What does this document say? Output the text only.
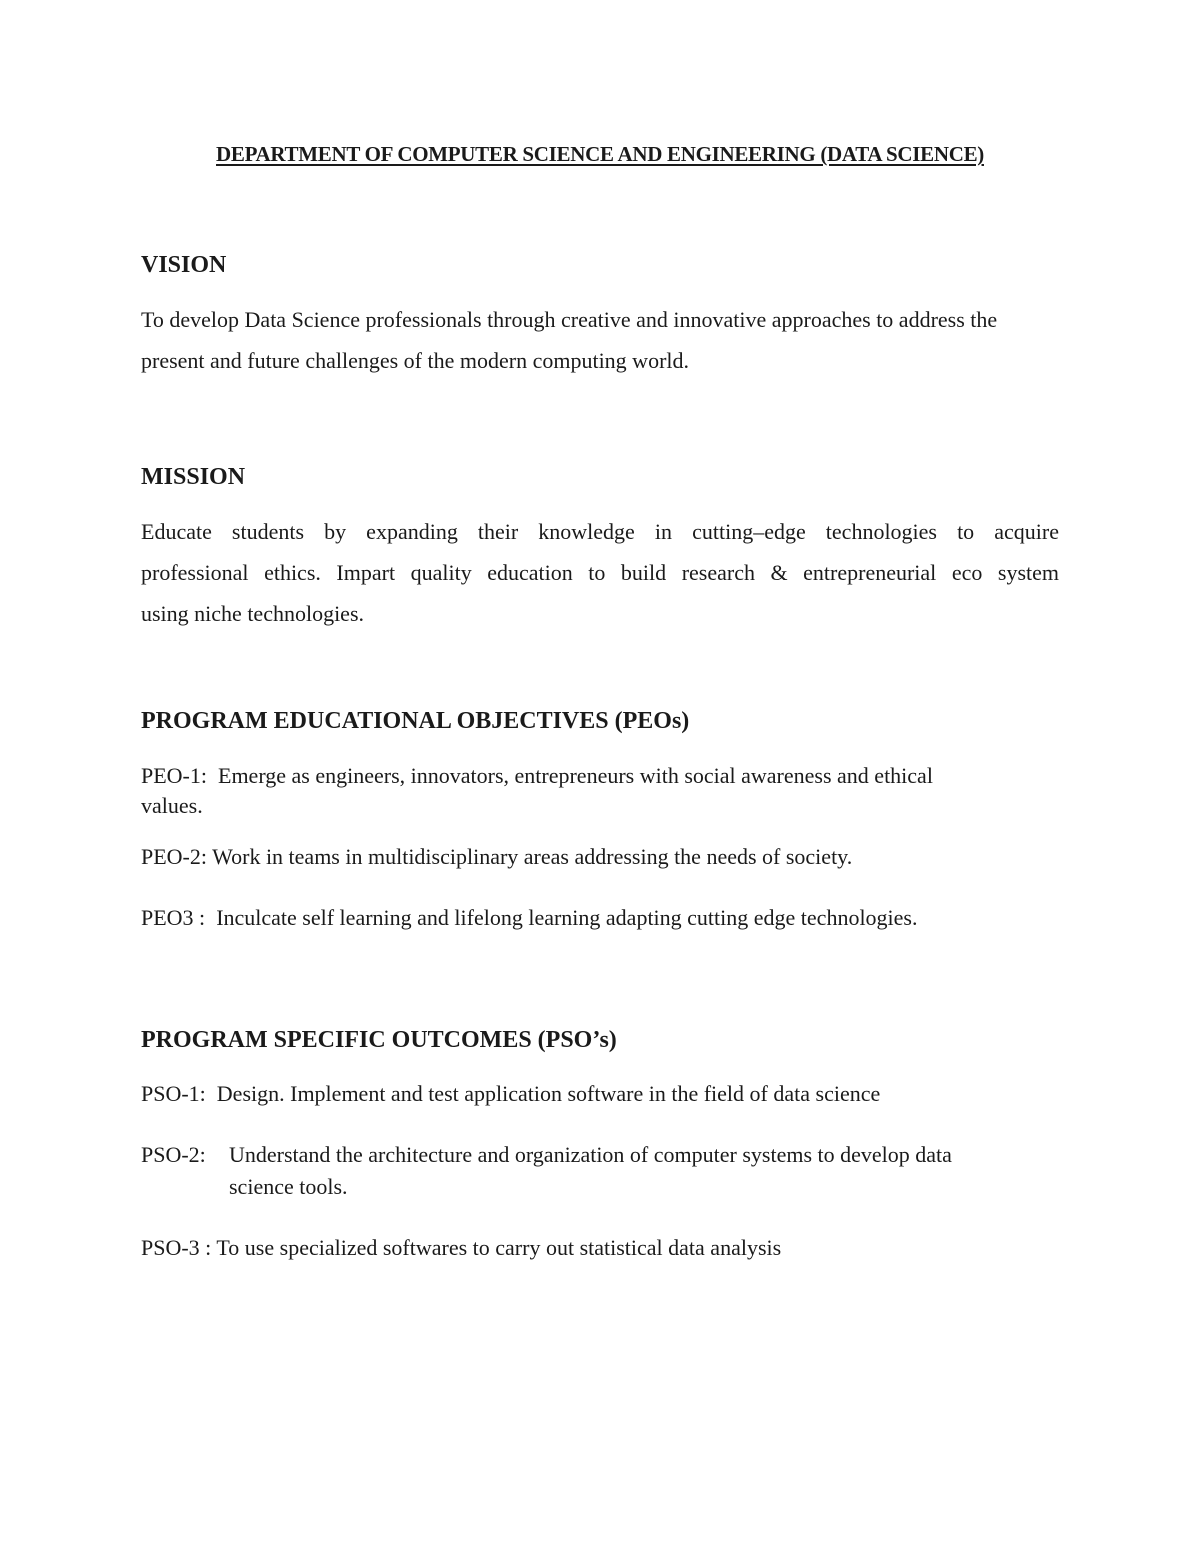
DEPARTMENT OF COMPUTER SCIENCE AND ENGINEERING (DATA SCIENCE)
VISION
To develop Data Science professionals through creative and innovative approaches to address the
present and future challenges of the modern computing world.
MISSION
Educate students by expanding their knowledge in cutting–edge technologies to acquire
professional ethics. Impart quality education to build research & entrepreneurial eco system
using niche technologies.
PROGRAM EDUCATIONAL OBJECTIVES (PEOs)
PEO-1: Emerge as engineers, innovators, entrepreneurs with social awareness and ethical
values.
PEO-2: Work in teams in multidisciplinary areas addressing the needs of society.
PEO3 : Inculcate self learning and lifelong learning adapting cutting edge technologies.
PROGRAM SPECIFIC OUTCOMES (PSO’s)
PSO-1: Design. Implement and test application software in the field of data science
PSO-2: Understand the architecture and organization of computer systems to develop data
science tools.
PSO-3 : To use specialized softwares to carry out statistical data analysis
